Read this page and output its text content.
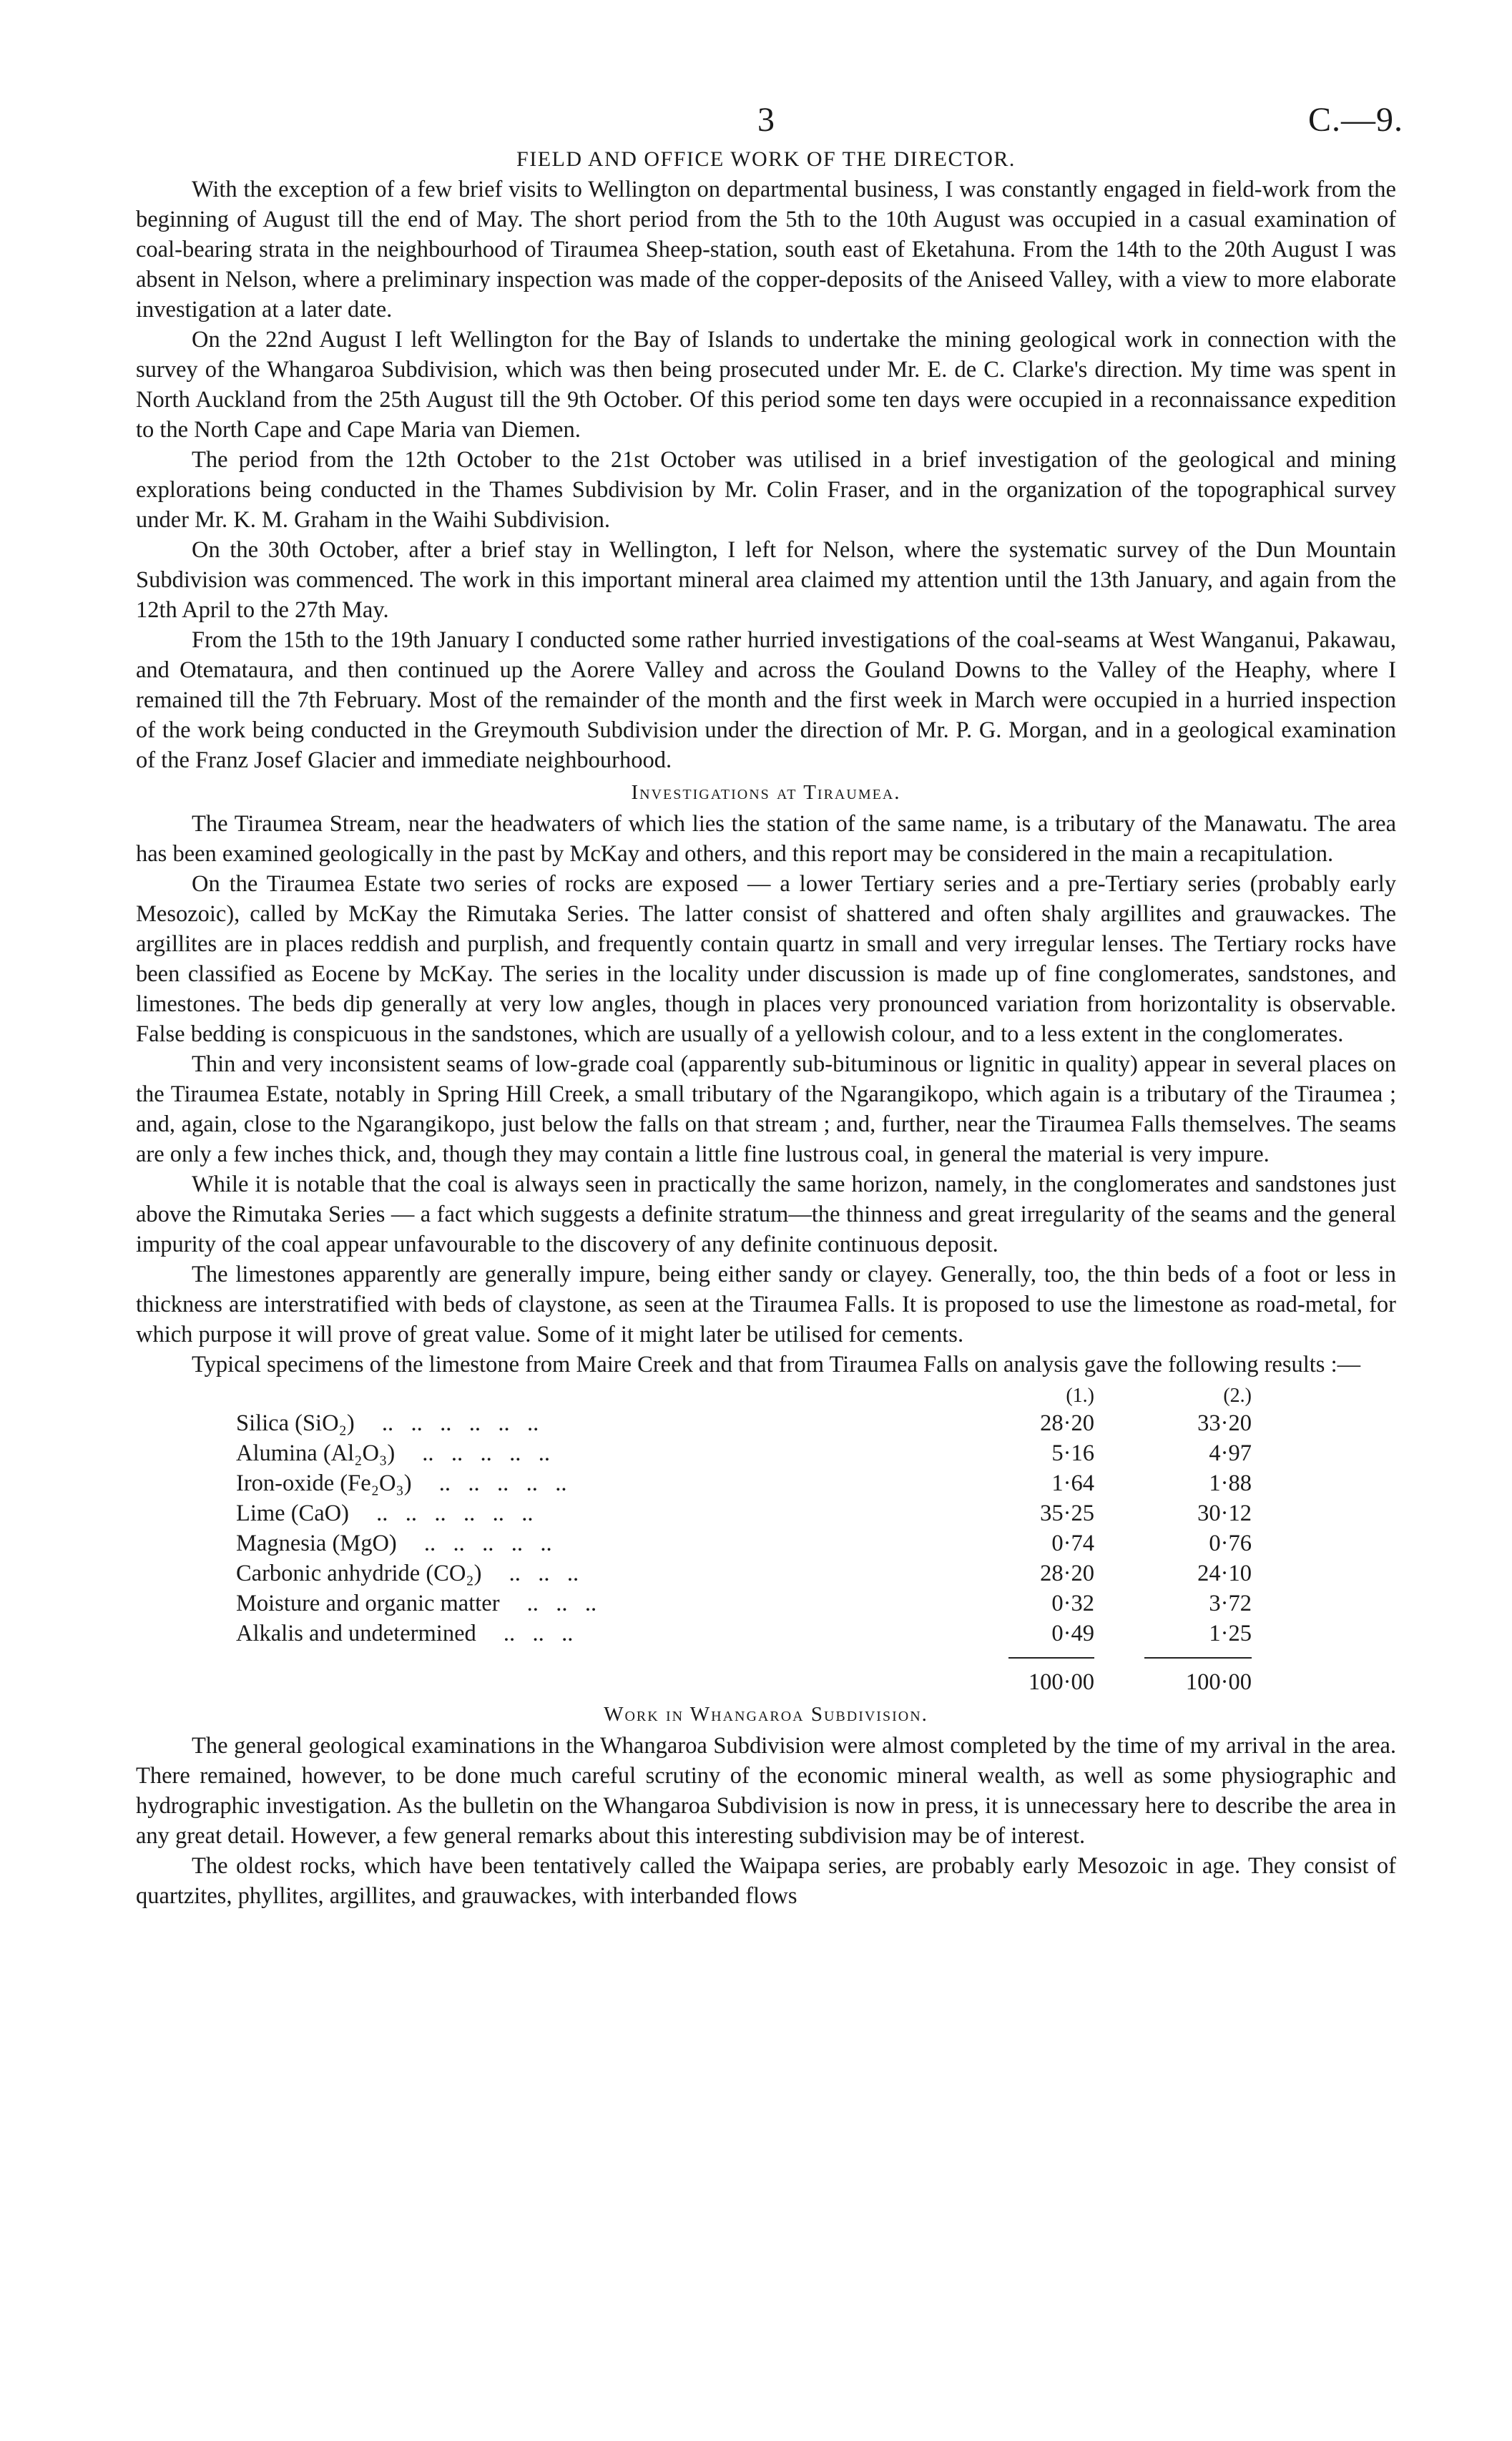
3	C.—9.
FIELD AND OFFICE WORK OF THE DIRECTOR.

With the exception of a few brief visits to Wellington on departmental business, I was constantly engaged in field-work from the beginning of August till the end of May. The short period from the 5th to the 10th August was occupied in a casual examination of coal-bearing strata in the neighbourhood of Tiraumea Sheep-station, south east of Eketahuna. From the 14th to the 20th August I was absent in Nelson, where a preliminary inspection was made of the copper-deposits of the Aniseed Valley, with a view to more elaborate investigation at a later date.

On the 22nd August I left Wellington for the Bay of Islands to undertake the mining geological work in connection with the survey of the Whangaroa Subdivision, which was then being prosecuted under Mr. E. de C. Clarke's direction. My time was spent in North Auckland from the 25th August till the 9th October. Of this period some ten days were occupied in a reconnaissance expedition to the North Cape and Cape Maria van Diemen.

The period from the 12th October to the 21st October was utilised in a brief investigation of the geological and mining explorations being conducted in the Thames Subdivision by Mr. Colin Fraser, and in the organization of the topographical survey under Mr. K. M. Graham in the Waihi Subdivision.

On the 30th October, after a brief stay in Wellington, I left for Nelson, where the systematic survey of the Dun Mountain Subdivision was commenced. The work in this important mineral area claimed my attention until the 13th January, and again from the 12th April to the 27th May.

From the 15th to the 19th January I conducted some rather hurried investigations of the coal-seams at West Wanganui, Pakawau, and Otemataura, and then continued up the Aorere Valley and across the Gouland Downs to the Valley of the Heaphy, where I remained till the 7th February. Most of the remainder of the month and the first week in March were occupied in a hurried inspection of the work being conducted in the Greymouth Subdivision under the direction of Mr. P. G. Morgan, and in a geological examination of the Franz Josef Glacier and immediate neighbourhood.

Investigations at Tiraumea.

The Tiraumea Stream, near the headwaters of which lies the station of the same name, is a tributary of the Manawatu. The area has been examined geologically in the past by McKay and others, and this report may be considered in the main a recapitulation.

On the Tiraumea Estate two series of rocks are exposed — a lower Tertiary series and a pre-Tertiary series (probably early Mesozoic), called by McKay the Rimutaka Series. The latter consist of shattered and often shaly argillites and grauwackes. The argillites are in places reddish and purplish, and frequently contain quartz in small and very irregular lenses. The Tertiary rocks have been classified as Eocene by McKay. The series in the locality under discussion is made up of fine conglomerates, sandstones, and limestones. The beds dip generally at very low angles, though in places very pronounced variation from horizontality is observable. False bedding is conspicuous in the sandstones, which are usually of a yellowish colour, and to a less extent in the conglomerates.

Thin and very inconsistent seams of low-grade coal (apparently sub-bituminous or lignitic in quality) appear in several places on the Tiraumea Estate, notably in Spring Hill Creek, a small tributary of the Ngarangikopo, which again is a tributary of the Tiraumea ; and, again, close to the Ngarangikopo, just below the falls on that stream ; and, further, near the Tiraumea Falls themselves. The seams are only a few inches thick, and, though they may contain a little fine lustrous coal, in general the material is very impure.

While it is notable that the coal is always seen in practically the same horizon, namely, in the conglomerates and sandstones just above the Rimutaka Series — a fact which suggests a definite stratum—the thinness and great irregularity of the seams and the general impurity of the coal appear unfavourable to the discovery of any definite continuous deposit.

The limestones apparently are generally impure, being either sandy or clayey. Generally, too, the thin beds of a foot or less in thickness are interstratified with beds of claystone, as seen at the Tiraumea Falls. It is proposed to use the limestone as road-metal, for which purpose it will prove of great value. Some of it might later be utilised for cements.

Typical specimens of the limestone from Maire Creek and that from Tiraumea Falls on analysis gave the following results :—

	(1.)	(2.)
Silica (SiO₂) ..   ..   ..   ..   ..   ..	28·20	33·20
Alumina (Al₂O₃) ..   ..   ..   ..   ..	5·16	4·97
Iron-oxide (Fe₂O₃) ..   ..   ..   ..   ..	1·64	1·88
Lime (CaO) ..   ..   ..   ..   ..   ..	35·25	30·12
Magnesia (MgO) ..   ..   ..   ..   ..	0·74	0·76
Carbonic anhydride (CO₂) ..   ..   ..	28·20	24·10
Moisture and organic matter ..   ..   ..	0·32	3·72
Alkalis and undetermined ..   ..   ..	0·49	1·25

	100·00	100·00
Work in Whangaroa Subdivision.

The general geological examinations in the Whangaroa Subdivision were almost completed by the time of my arrival in the area. There remained, however, to be done much careful scrutiny of the economic mineral wealth, as well as some physiographic and hydrographic investigation. As the bulletin on the Whangaroa Subdivision is now in press, it is unnecessary here to describe the area in any great detail. However, a few general remarks about this interesting subdivision may be of interest.

The oldest rocks, which have been tentatively called the Waipapa series, are probably early Mesozoic in age. They consist of quartzites, phyllites, argillites, and grauwackes, with interbanded flows
